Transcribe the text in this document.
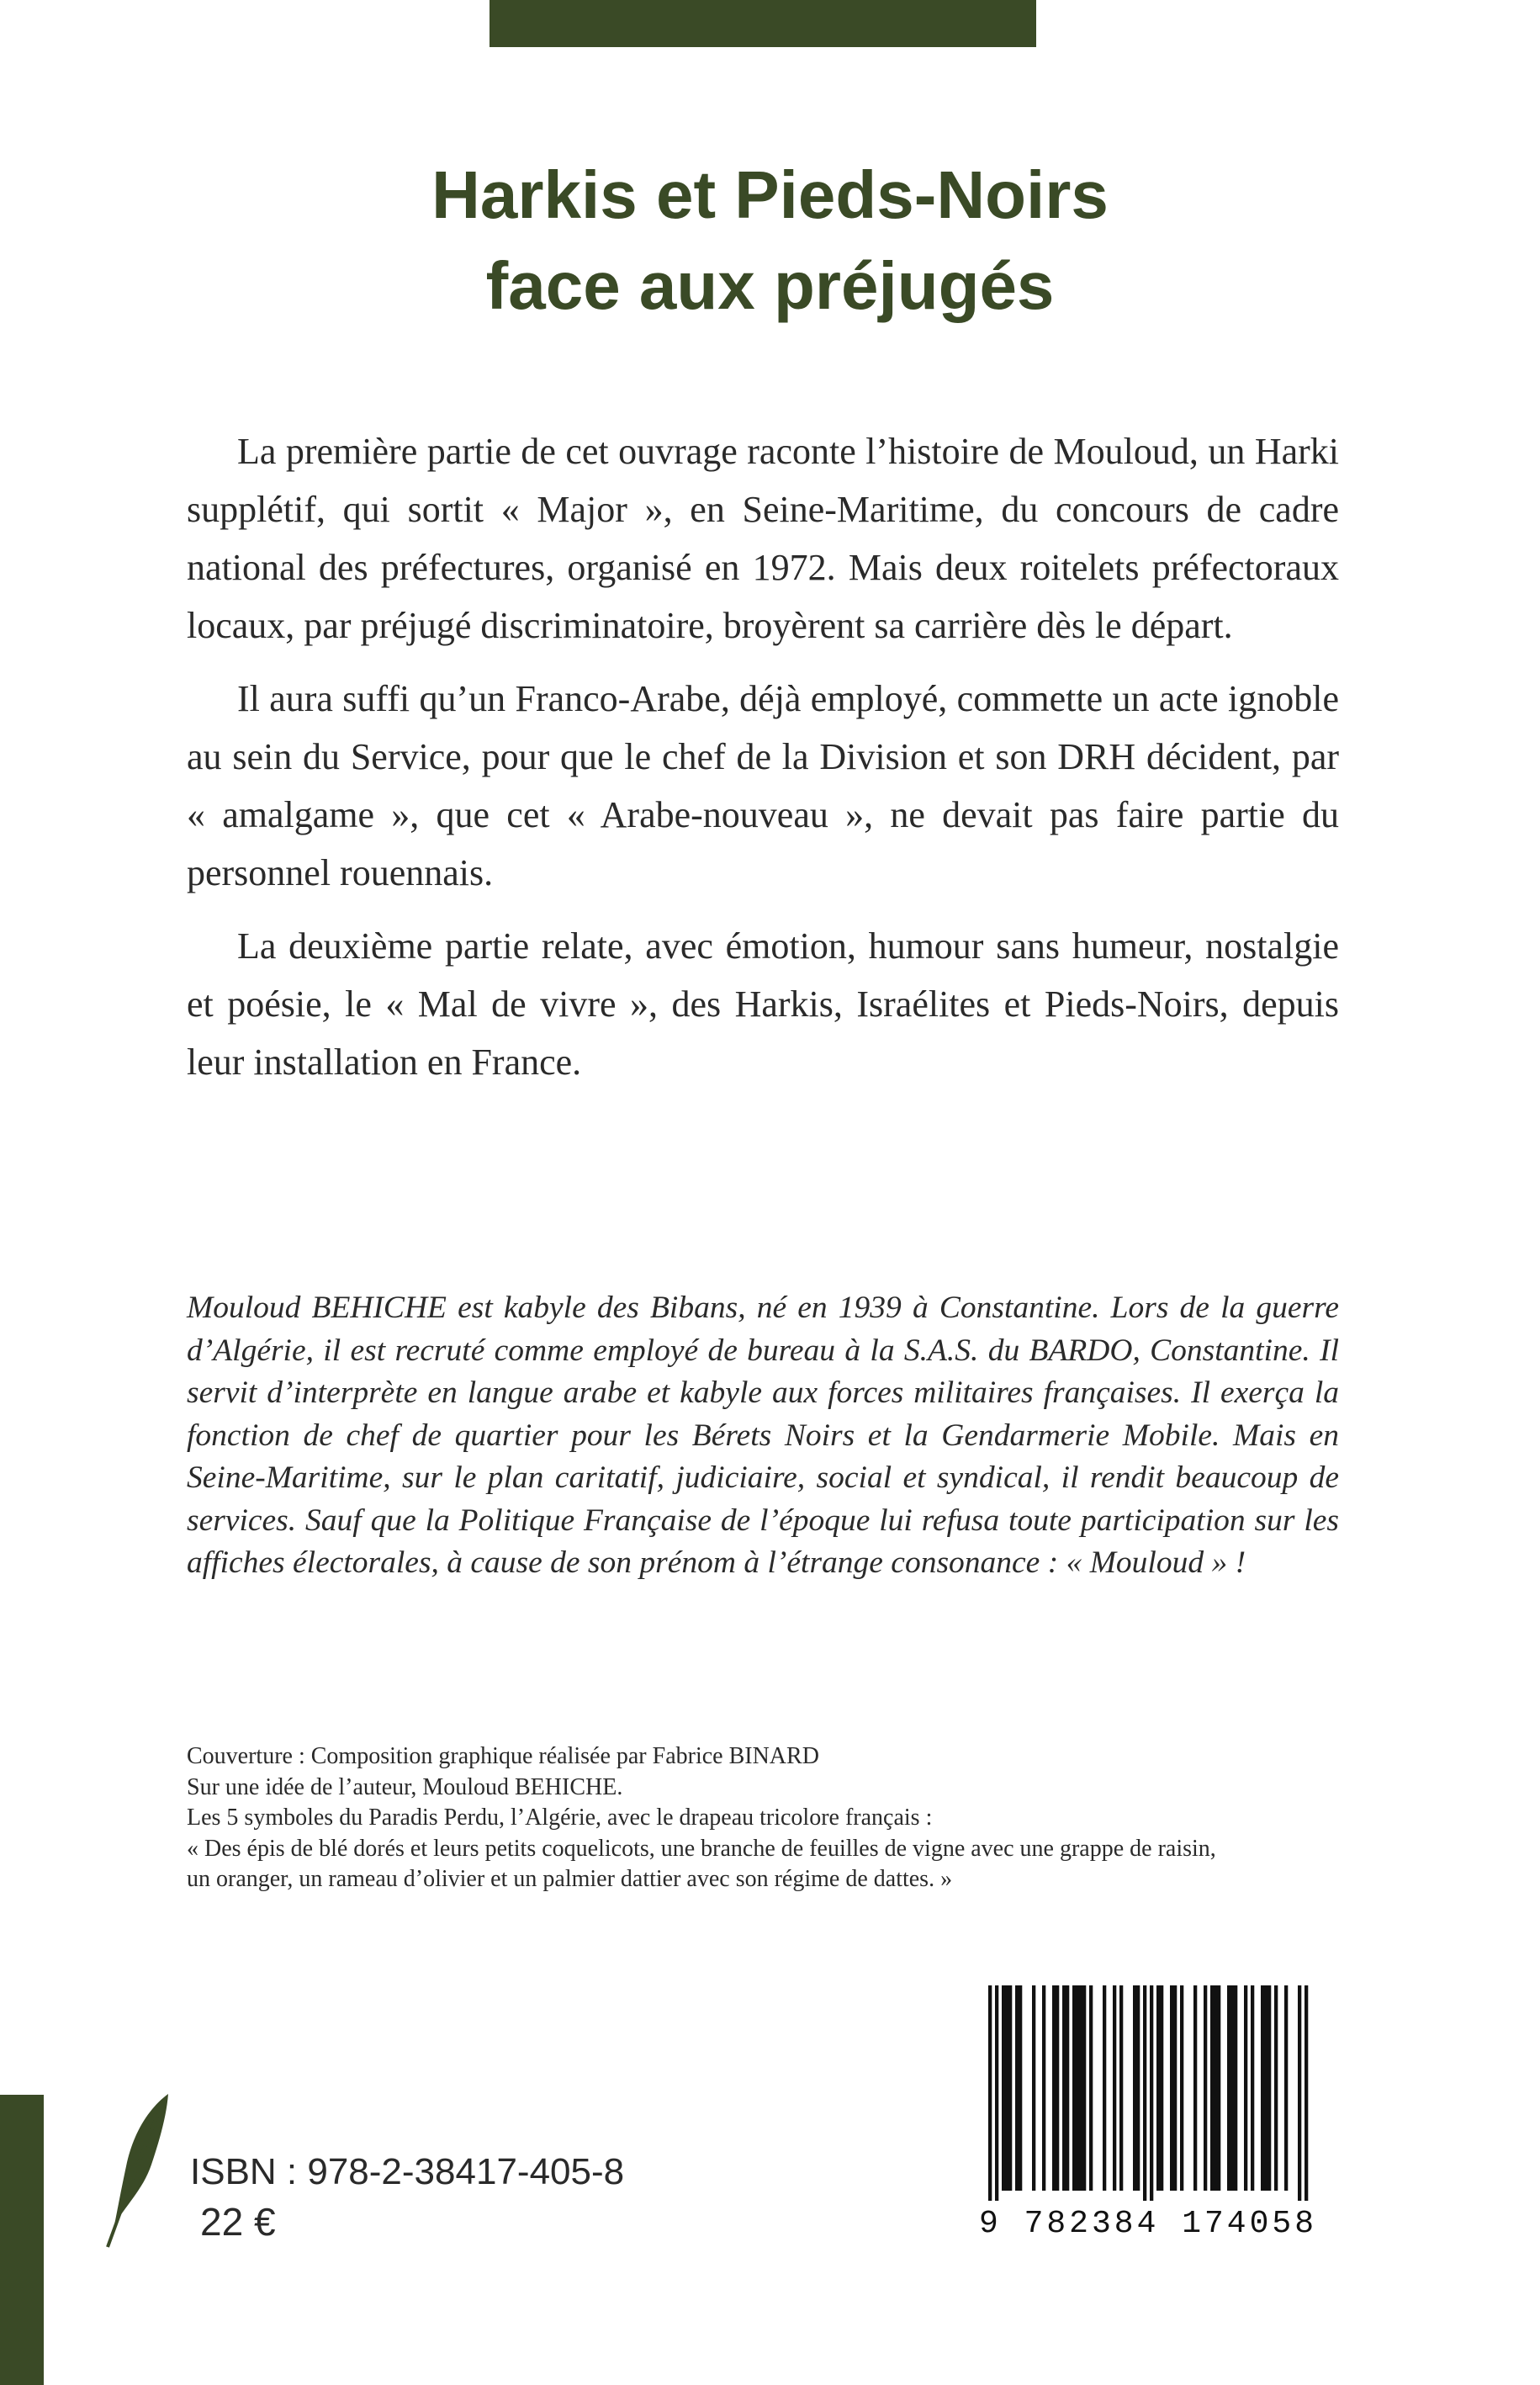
Harkis et Pieds-Noirs
face aux préjugés

La première partie de cet ouvrage raconte l’histoire de Mouloud, un Harki supplétif, qui sortit « Major », en Seine-Maritime, du concours de cadre national des préfectures, organisé en 1972. Mais deux roitelets préfectoraux locaux, par préjugé discriminatoire, broyèrent sa carrière dès le départ.

Il aura suffi qu’un Franco-Arabe, déjà employé, commette un acte ignoble au sein du Service, pour que le chef de la Division et son DRH décident, par « amalgame », que cet « Arabe-nouveau », ne devait pas faire partie du personnel rouennais.

La deuxième partie relate, avec émotion, humour sans humeur, nostalgie et poésie, le « Mal de vivre », des Harkis, Israélites et Pieds-Noirs, depuis leur installation en France.

Mouloud BEHICHE est kabyle des Bibans, né en 1939 à Constantine. Lors de la guerre d’Algérie, il est recruté comme employé de bureau à la S.A.S. du BARDO, Constantine. Il servit d’interprète en langue arabe et kabyle aux forces militaires françaises. Il exerça la fonction de chef de quartier pour les Bérets Noirs et la Gendarmerie Mobile. Mais en Seine-Maritime, sur le plan caritatif, judiciaire, social et syndical, il rendit beaucoup de services. Sauf que la Politique Française de l’époque lui refusa toute participation sur les affiches électorales, à cause de son prénom à l’étrange consonance : « Mouloud » !

Couverture : Composition graphique réalisée par Fabrice BINARD
Sur une idée de l’auteur, Mouloud BEHICHE.
Les 5 symboles du Paradis Perdu, l’Algérie, avec le drapeau tricolore français :
« Des épis de blé dorés et leurs petits coquelicots, une branche de feuilles de vigne avec une grappe de raisin,
un oranger, un rameau d’olivier et un palmier dattier avec son régime de dattes. »
ISBN : 978-2-38417-405-8
22 €	9 782384 174058
